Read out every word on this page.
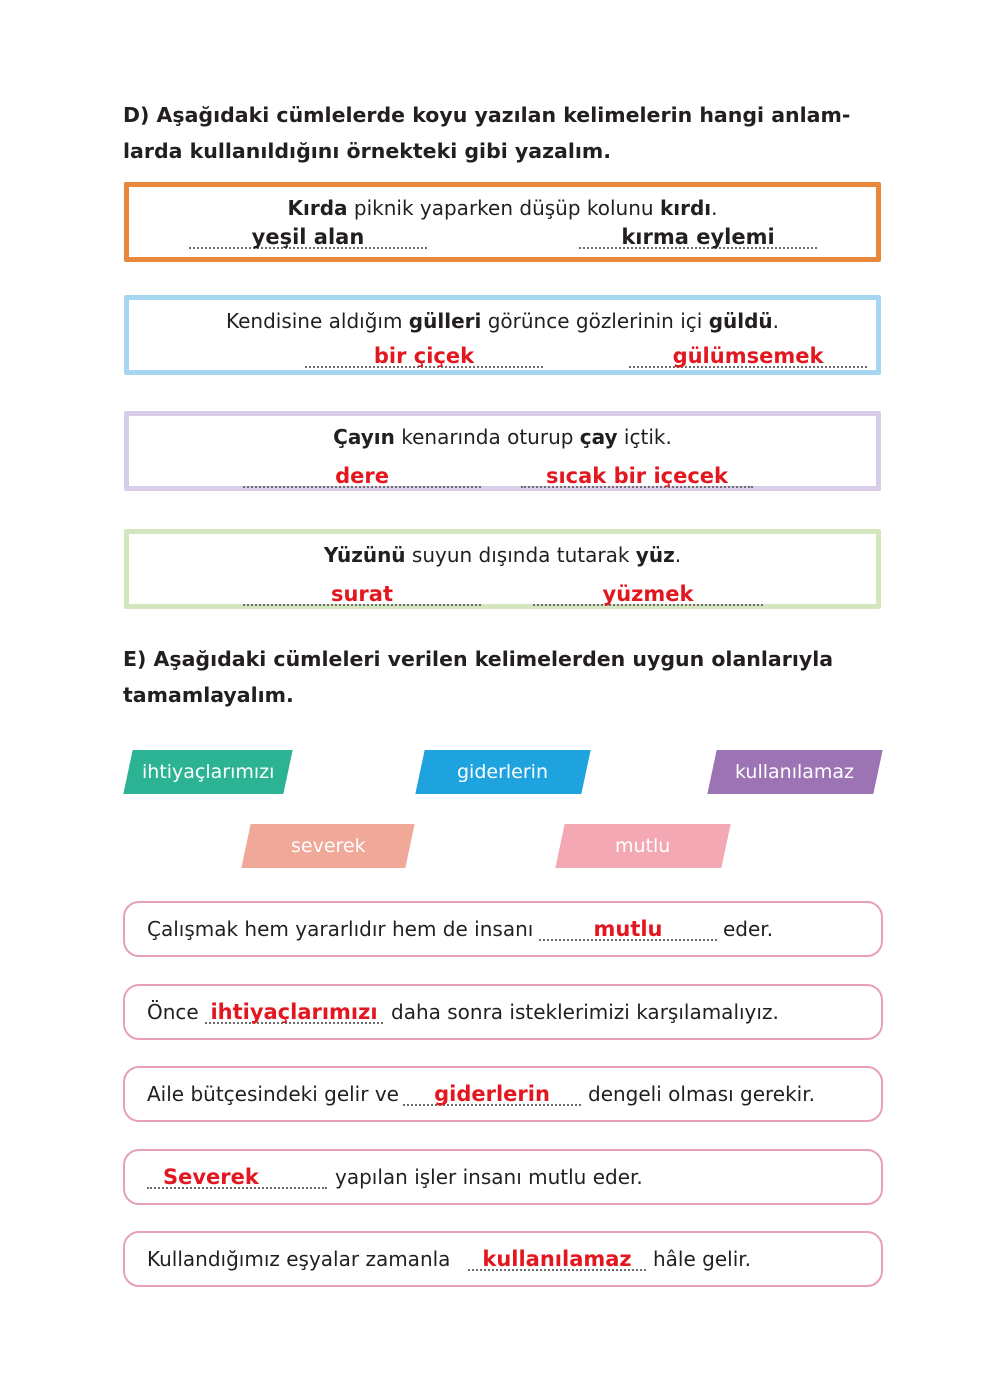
D) Aşağıdaki cümlelerde koyu yazılan kelimelerin hangi anlam-
larda kullanıldığını örnekteki gibi yazalım.
Kırda piknik yaparken düşüp kolunu kırdı.
yeşil alan	kırma eylemi
Kendisine aldığım gülleri görünce gözlerinin içi güldü.
bir çiçek	gülümsemek
Çayın kenarında oturup çay içtik.
dere	sıcak bir içecek
Yüzünü suyun dışında tutarak yüz.
surat	yüzmek
E) Aşağıdaki cümleleri verilen kelimelerden uygun olanlarıyla
tamamlayalım.
ihtiyaçlarımızı	giderlerin	kullanılamaz
severek	mutlu
Çalışmak hem yararlıdır hem de insanı	mutlu	eder.
Önce ihtiyaçlarımızı daha sonra isteklerimizi karşılamalıyız.
Aile bütçesindeki gelir ve	giderlerin	dengeli olması gerekir.
Severek	yapılan işler insanı mutlu eder.
Kullandığımız eşyalar zamanla	kullanılamaz	hâle gelir.
